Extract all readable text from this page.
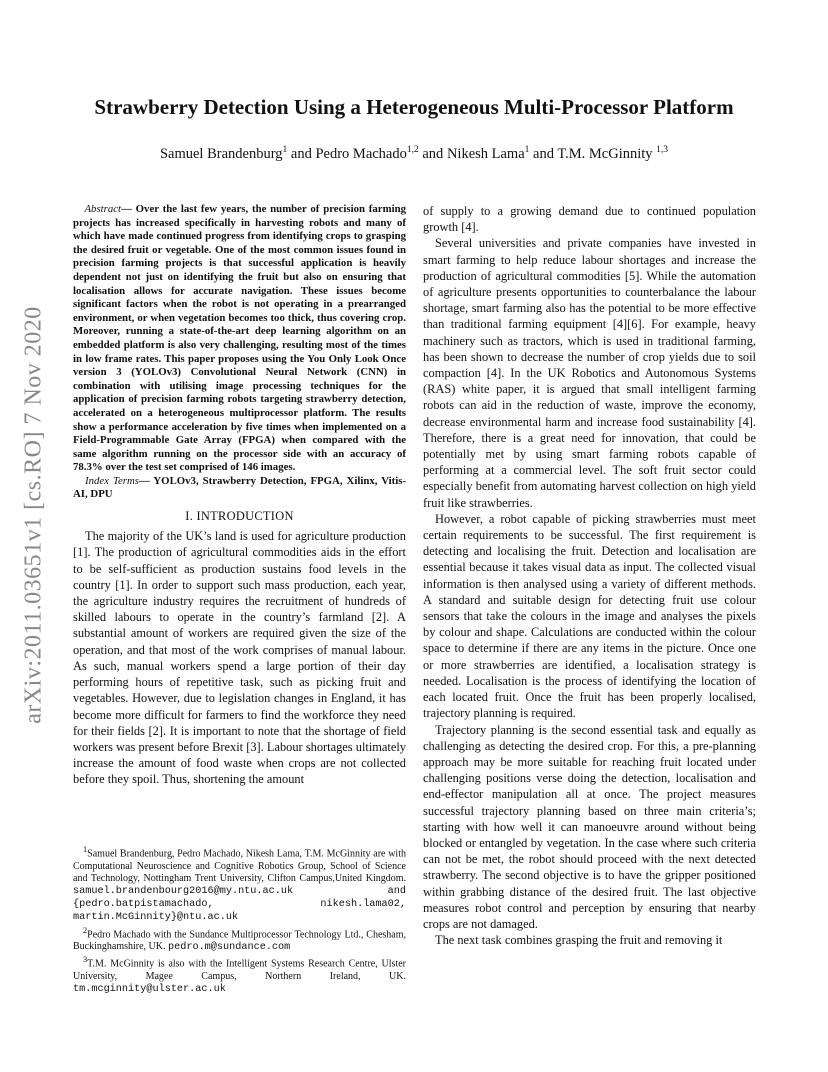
arXiv:2011.03651v1 [cs.RO] 7 Nov 2020
Strawberry Detection Using a Heterogeneous Multi-Processor Platform
Samuel Brandenburg$^1$ and Pedro Machado$^{1,2}$ and Nikesh Lama$^1$ and T.M. McGinnity $^{1,3}$

Abstract— Over the last few years, the number of precision farming projects has increased specifically in harvesting robots and many of which have made continued progress from identifying crops to grasping the desired fruit or vegetable. One of the most common issues found in precision farming projects is that successful application is heavily dependent not just on identifying the fruit but also on ensuring that localisation allows for accurate navigation. These issues become significant factors when the robot is not operating in a prearranged environment, or when vegetation becomes too thick, thus covering crop. Moreover, running a state-of-the-art deep learning algorithm on an embedded platform is also very challenging, resulting most of the times in low frame rates. This paper proposes using the You Only Look Once version 3 (YOLOv3) Convolutional Neural Network (CNN) in combination with utilising image processing techniques for the application of precision farming robots targeting strawberry detection, accelerated on a heterogeneous multiprocessor platform. The results show a performance acceleration by five times when implemented on a Field-Programmable Gate Array (FPGA) when compared with the same algorithm running on the processor side with an accuracy of 78.3% over the test set comprised of 146 images.

Index Terms— YOLOv3, Strawberry Detection, FPGA, Xilinx, Vitis-AI, DPU

I. INTRODUCTION

The majority of the UK’s land is used for agriculture production [1]. The production of agricultural commodities aids in the effort to be self-sufficient as production sustains food levels in the country [1]. In order to support such mass production, each year, the agriculture industry requires the recruitment of hundreds of skilled labours to operate in the country’s farmland [2]. A substantial amount of workers are required given the size of the operation, and that most of the work comprises of manual labour. As such, manual workers spend a large portion of their day performing hours of repetitive task, such as picking fruit and vegetables. However, due to legislation changes in England, it has become more difficult for farmers to find the workforce they need for their fields [2]. It is important to note that the shortage of field workers was present before Brexit [3]. Labour shortages ultimately increase the amount of food waste when crops are not collected before they spoil. Thus, shortening the amount

$^1$Samuel Brandenburg, Pedro Machado, Nikesh Lama, T.M. McGinnity are with Computational Neuroscience and Cognitive Robotics Group, School of Science and Technology, Nottingham Trent University, Clifton Campus,United Kingdom. samuel.brandenbourg2016@my.ntu.ac.uk and {pedro.batpistamachado, nikesh.lama02, martin.McGinnity}@ntu.ac.uk

$^2$Pedro Machado with the Sundance Multiprocessor Technology Ltd., Chesham, Buckinghamshire, UK. pedro.m@sundance.com

$^3$T.M. McGinnity is also with the Intelligent Systems Research Centre, Ulster University, Magee Campus, Northern Ireland, UK. tm.mcginnity@ulster.ac.uk

of supply to a growing demand due to continued population growth [4].

Several universities and private companies have invested in smart farming to help reduce labour shortages and increase the production of agricultural commodities [5]. While the automation of agriculture presents opportunities to counterbalance the labour shortage, smart farming also has the potential to be more effective than traditional farming equipment [4][6]. For example, heavy machinery such as tractors, which is used in traditional farming, has been shown to decrease the number of crop yields due to soil compaction [4]. In the UK Robotics and Autonomous Systems (RAS) white paper, it is argued that small intelligent farming robots can aid in the reduction of waste, improve the economy, decrease environmental harm and increase food sustainability [4]. Therefore, there is a great need for innovation, that could be potentially met by using smart farming robots capable of performing at a commercial level. The soft fruit sector could especially benefit from automating harvest collection on high yield fruit like strawberries.

However, a robot capable of picking strawberries must meet certain requirements to be successful. The first requirement is detecting and localising the fruit. Detection and localisation are essential because it takes visual data as input. The collected visual information is then analysed using a variety of different methods. A standard and suitable design for detecting fruit use colour sensors that take the colours in the image and analyses the pixels by colour and shape. Calculations are conducted within the colour space to determine if there are any items in the picture. Once one or more strawberries are identified, a localisation strategy is needed. Localisation is the process of identifying the location of each located fruit. Once the fruit has been properly localised, trajectory planning is required.

Trajectory planning is the second essential task and equally as challenging as detecting the desired crop. For this, a pre-planning approach may be more suitable for reaching fruit located under challenging positions verse doing the detection, localisation and end-effector manipulation all at once. The project measures successful trajectory planning based on three main criteria’s; starting with how well it can manoeuvre around without being blocked or entangled by vegetation. In the case where such criteria can not be met, the robot should proceed with the next detected strawberry. The second objective is to have the gripper positioned within grabbing distance of the desired fruit. The last objective measures robot control and perception by ensuring that nearby crops are not damaged.

The next task combines grasping the fruit and removing it
